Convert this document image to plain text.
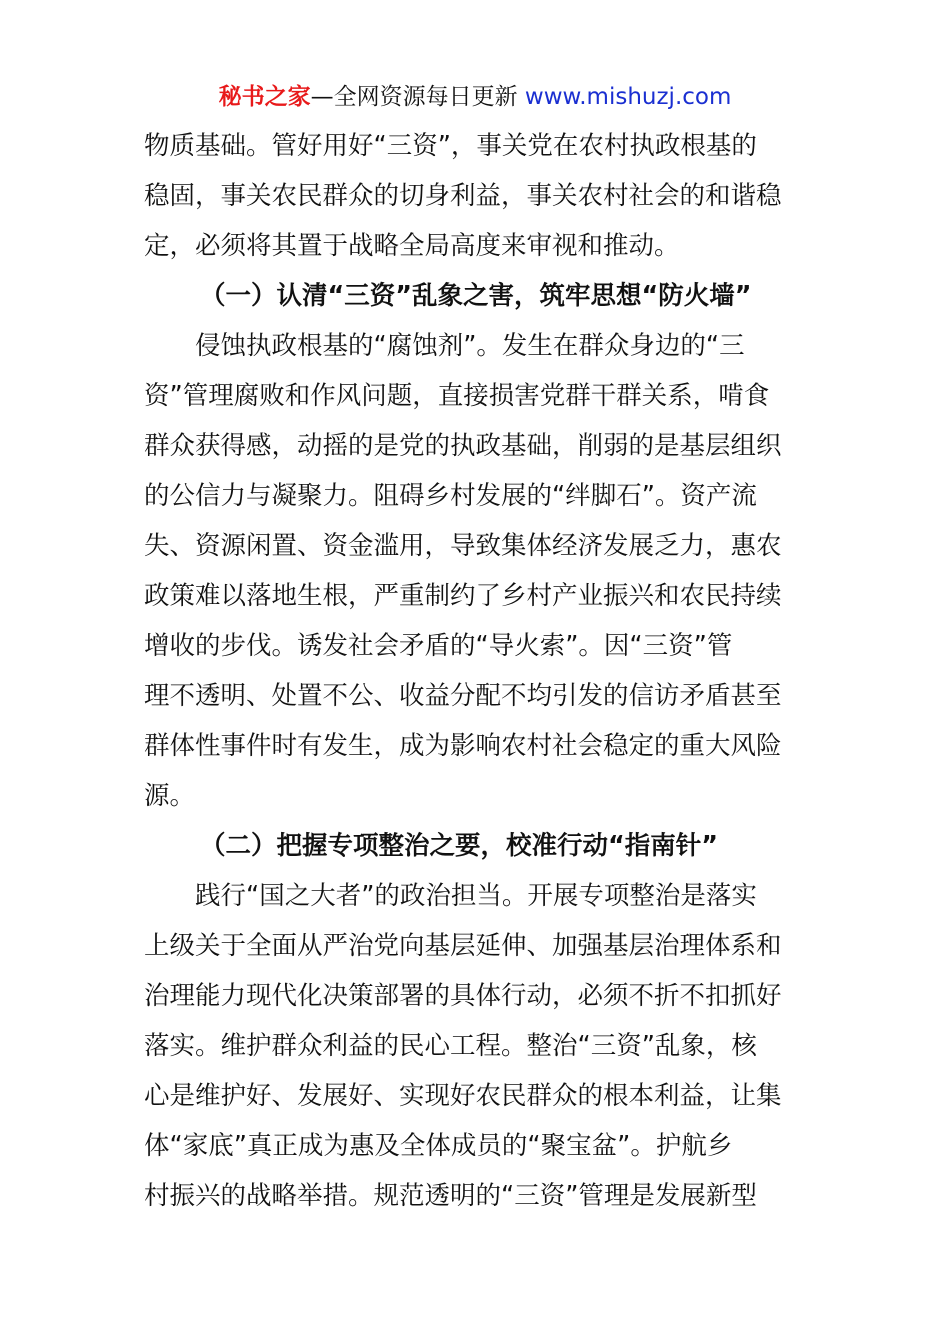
秘书之家—全网资源每日更新 www.mishuzj.com
物质基础。管好用好“三资”，事关党在农村执政根基的
稳固，事关农民群众的切身利益，事关农村社会的和谐稳
定，必须将其置于战略全局高度来审视和推动。
（一）认清“三资”乱象之害，筑牢思想“防火墙”
侵蚀执政根基的“腐蚀剂”。发生在群众身边的“三
资”管理腐败和作风问题，直接损害党群干群关系，啃食
群众获得感，动摇的是党的执政基础，削弱的是基层组织
的公信力与凝聚力。阻碍乡村发展的“绊脚石”。资产流
失、资源闲置、资金滥用，导致集体经济发展乏力，惠农
政策难以落地生根，严重制约了乡村产业振兴和农民持续
增收的步伐。诱发社会矛盾的“导火索”。因“三资”管
理不透明、处置不公、收益分配不均引发的信访矛盾甚至
群体性事件时有发生，成为影响农村社会稳定的重大风险
源。
（二）把握专项整治之要，校准行动“指南针”
践行“国之大者”的政治担当。开展专项整治是落实
上级关于全面从严治党向基层延伸、加强基层治理体系和
治理能力现代化决策部署的具体行动，必须不折不扣抓好
落实。维护群众利益的民心工程。整治“三资”乱象，核
心是维护好、发展好、实现好农民群众的根本利益，让集
体“家底”真正成为惠及全体成员的“聚宝盆”。护航乡
村振兴的战略举措。规范透明的“三资”管理是发展新型
